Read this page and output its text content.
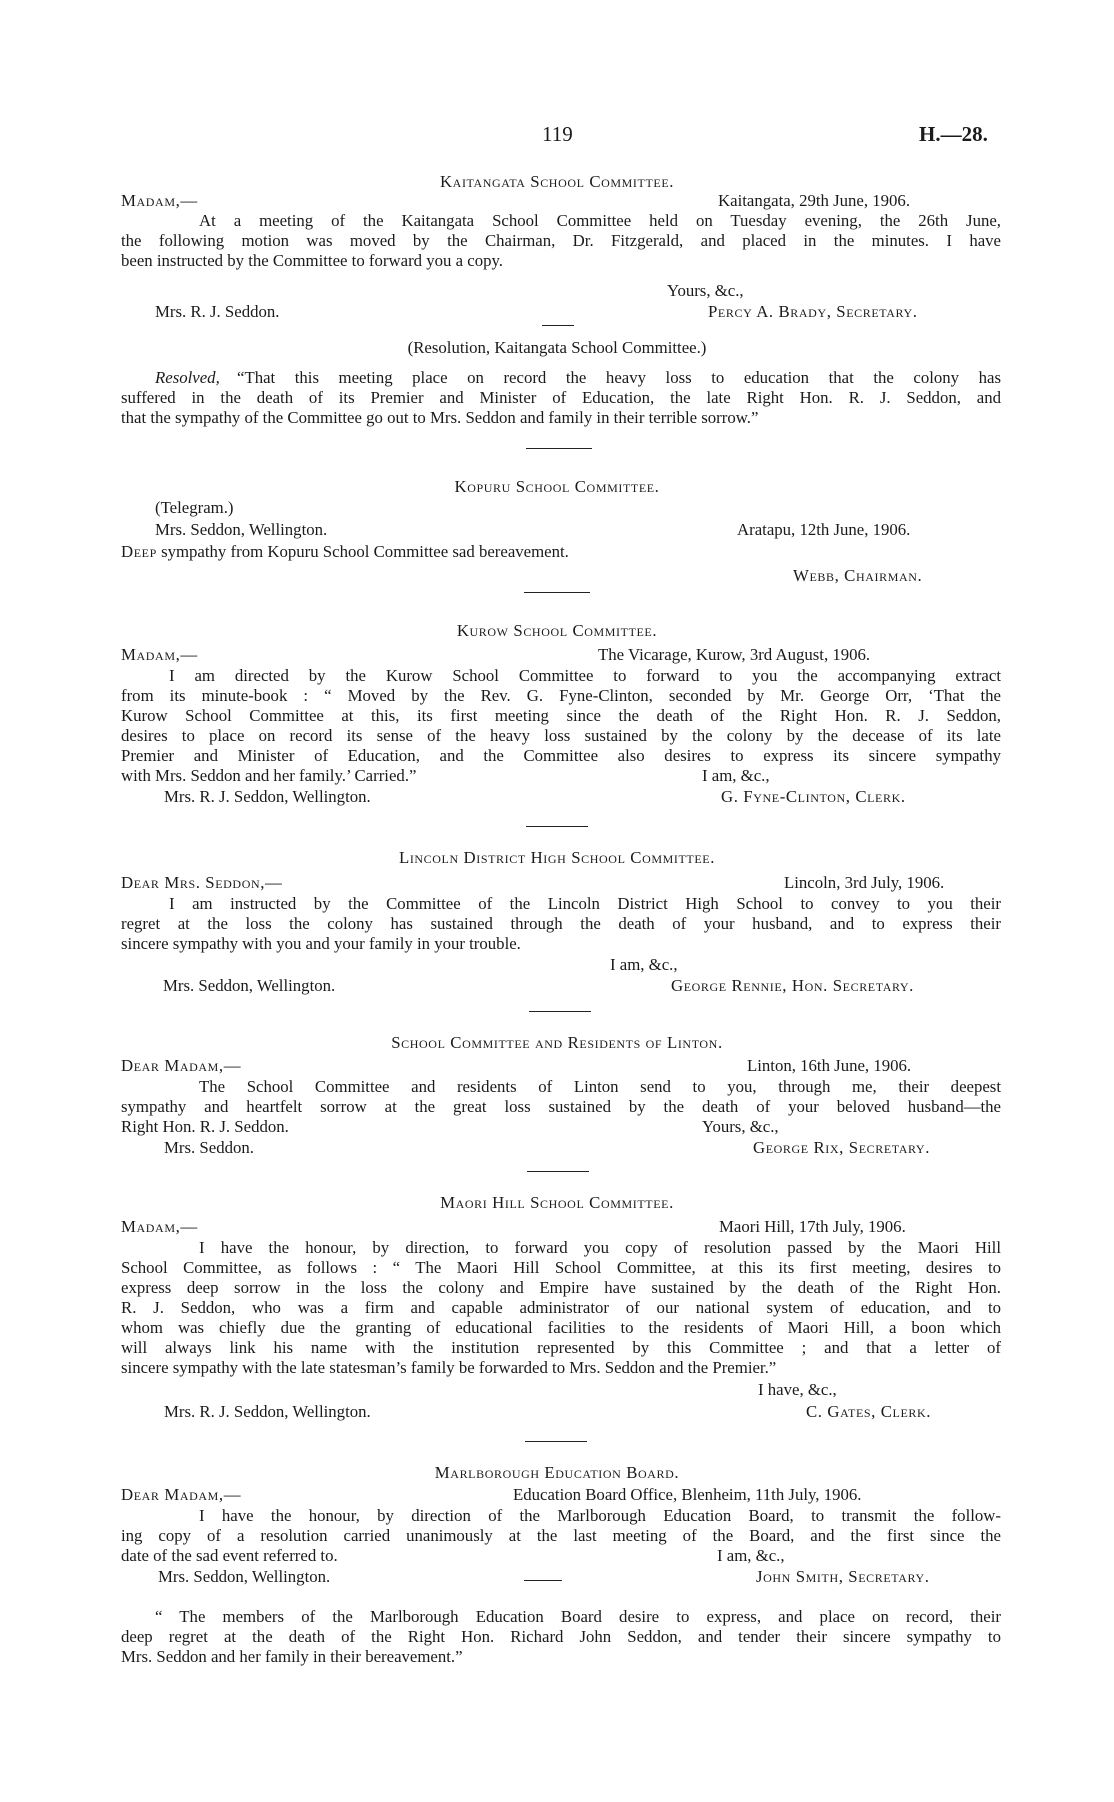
119	H.—28.
Kaitangata School Committee.
Madam,—	Kaitangata, 29th June, 1906.
At a meeting of the Kaitangata School Committee held on Tuesday evening, the 26th June,
the following motion was moved by the Chairman, Dr. Fitzgerald, and placed in the minutes. I have
been instructed by the Committee to forward you a copy.
Yours, &c.,
Mrs. R. J. Seddon.	Percy A. Brady, Secretary.
(Resolution, Kaitangata School Committee.)
Resolved, “That this meeting place on record the heavy loss to education that the colony has
suffered in the death of its Premier and Minister of Education, the late Right Hon. R. J. Seddon, and
that the sympathy of the Committee go out to Mrs. Seddon and family in their terrible sorrow.”
Kopuru School Committee.
(Telegram.)
Mrs. Seddon, Wellington.	Aratapu, 12th June, 1906.
Deep sympathy from Kopuru School Committee sad bereavement.
Webb, Chairman.
Kurow School Committee.
Madam,—	The Vicarage, Kurow, 3rd August, 1906.
I am directed by the Kurow School Committee to forward to you the accompanying extract
from its minute-book : “ Moved by the Rev. G. Fyne-Clinton, seconded by Mr. George Orr, ‘That the
Kurow School Committee at this, its first meeting since the death of the Right Hon. R. J. Seddon,
desires to place on record its sense of the heavy loss sustained by the colony by the decease of its late
Premier and Minister of Education, and the Committee also desires to express its sincere sympathy
with Mrs. Seddon and her family.’ Carried.”	I am, &c.,
Mrs. R. J. Seddon, Wellington.	G. Fyne-Clinton, Clerk.
Lincoln District High School Committee.
Dear Mrs. Seddon,—	Lincoln, 3rd July, 1906.
I am instructed by the Committee of the Lincoln District High School to convey to you their
regret at the loss the colony has sustained through the death of your husband, and to express their
sincere sympathy with you and your family in your trouble.
I am, &c.,
Mrs. Seddon, Wellington.	George Rennie, Hon. Secretary.
School Committee and Residents of Linton.
Dear Madam,—	Linton, 16th June, 1906.
The School Committee and residents of Linton send to you, through me, their deepest
sympathy and heartfelt sorrow at the great loss sustained by the death of your beloved husband—the
Right Hon. R. J. Seddon.	Yours, &c.,
Mrs. Seddon.	George Rix, Secretary.
Maori Hill School Committee.
Madam,—	Maori Hill, 17th July, 1906.
I have the honour, by direction, to forward you copy of resolution passed by the Maori Hill
School Committee, as follows : “ The Maori Hill School Committee, at this its first meeting, desires to
express deep sorrow in the loss the colony and Empire have sustained by the death of the Right Hon.
R. J. Seddon, who was a firm and capable administrator of our national system of education, and to
whom was chiefly due the granting of educational facilities to the residents of Maori Hill, a boon which
will always link his name with the institution represented by this Committee ; and that a letter of
sincere sympathy with the late statesman’s family be forwarded to Mrs. Seddon and the Premier.”
I have, &c.,
Mrs. R. J. Seddon, Wellington.	C. Gates, Clerk.
Marlborough Education Board.
Dear Madam,—	Education Board Office, Blenheim, 11th July, 1906.
I have the honour, by direction of the Marlborough Education Board, to transmit the follow-
ing copy of a resolution carried unanimously at the last meeting of the Board, and the first since the
date of the sad event referred to.	I am, &c.,
Mrs. Seddon, Wellington.	John Smith, Secretary.
“ The members of the Marlborough Education Board desire to express, and place on record, their
deep regret at the death of the Right Hon. Richard John Seddon, and tender their sincere sympathy to
Mrs. Seddon and her family in their bereavement.”
